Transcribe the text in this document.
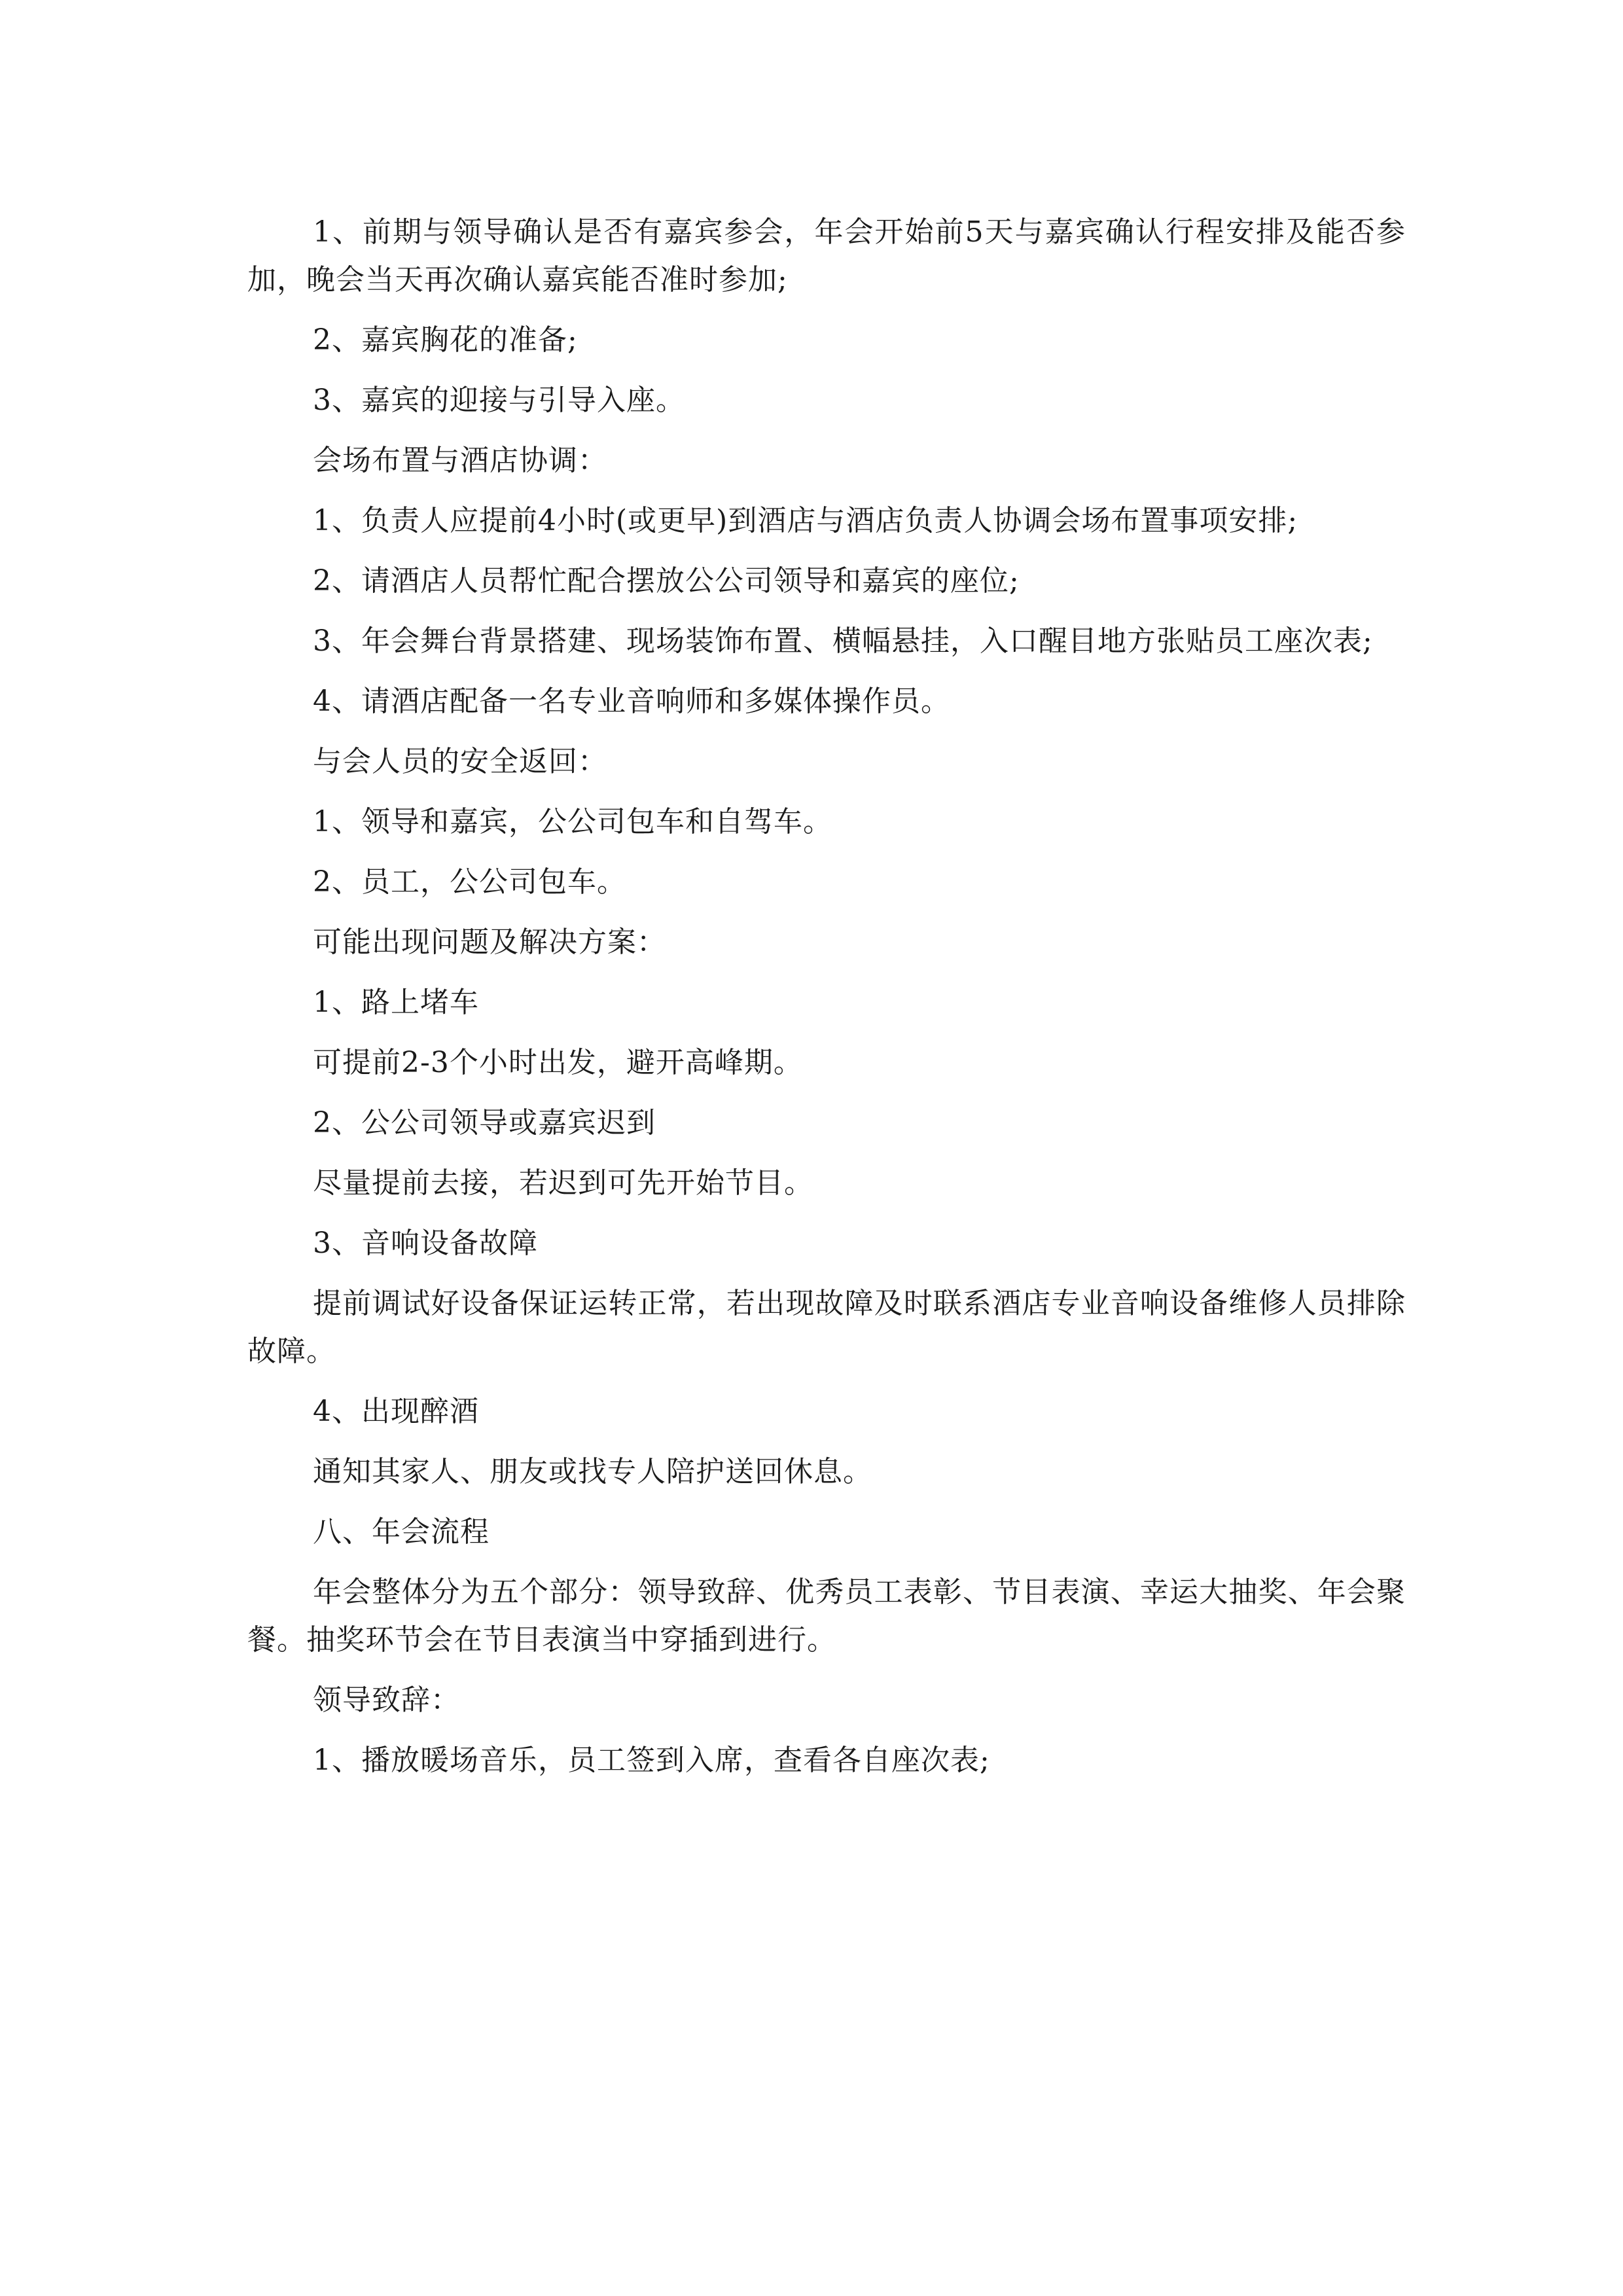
1、前期与领导确认是否有嘉宾参会，年会开始前5天与嘉宾确认行程安排及能否参加，晚会当天再次确认嘉宾能否准时参加;

2、嘉宾胸花的准备;

3、嘉宾的迎接与引导入座。

会场布置与酒店协调：

1、负责人应提前4小时(或更早)到酒店与酒店负责人协调会场布置事项安排;

2、请酒店人员帮忙配合摆放公公司领导和嘉宾的座位;

3、年会舞台背景搭建、现场装饰布置、横幅悬挂，入口醒目地方张贴员工座次表;

4、请酒店配备一名专业音响师和多媒体操作员。

与会人员的安全返回：

1、领导和嘉宾，公公司包车和自驾车。

2、员工，公公司包车。

可能出现问题及解决方案：

1、路上堵车

可提前2-3个小时出发，避开高峰期。

2、公公司领导或嘉宾迟到

尽量提前去接，若迟到可先开始节目。

3、音响设备故障

提前调试好设备保证运转正常，若出现故障及时联系酒店专业音响设备维修人员排除故障。

4、出现醉酒

通知其家人、朋友或找专人陪护送回休息。

八、年会流程

年会整体分为五个部分：领导致辞、优秀员工表彰、节目表演、幸运大抽奖、年会聚餐。抽奖环节会在节目表演当中穿插到进行。

领导致辞：

1、播放暖场音乐，员工签到入席，查看各自座次表;
